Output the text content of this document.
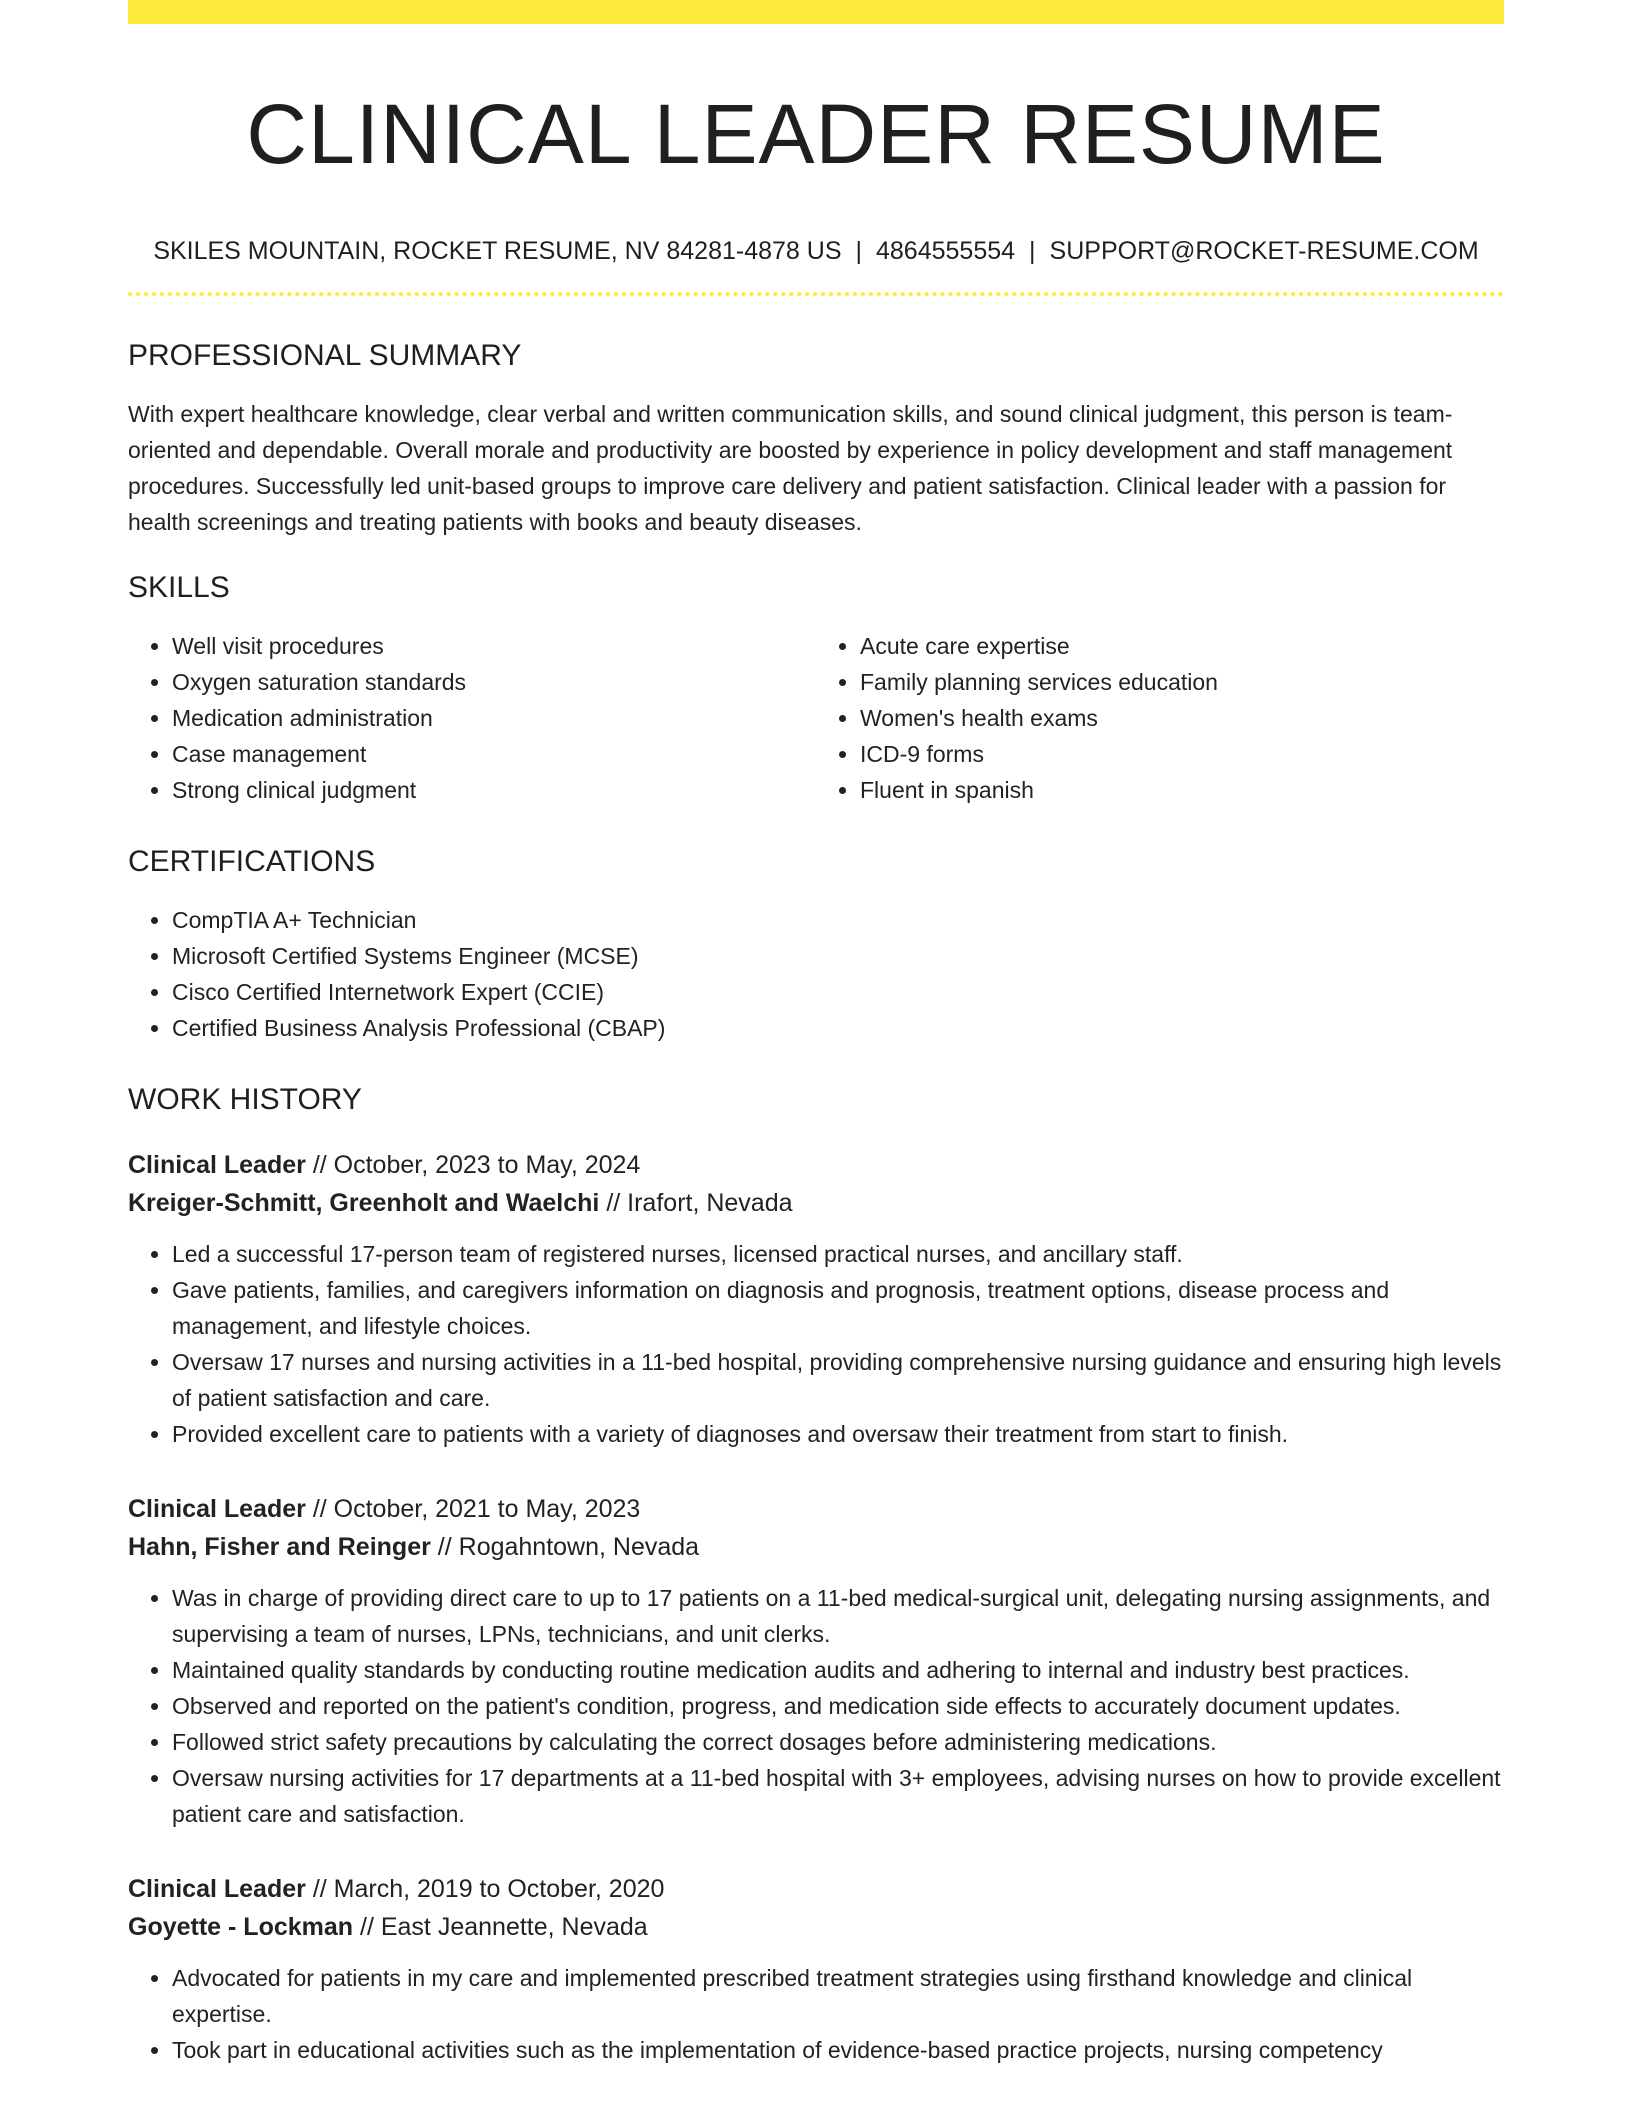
CLINICAL LEADER RESUME
SKILES MOUNTAIN, ROCKET RESUME, NV 84281-4878 US | 4864555554 | SUPPORT@ROCKET-RESUME.COM
PROFESSIONAL SUMMARY

With expert healthcare knowledge, clear verbal and written communication skills, and sound clinical judgment, this person is team-oriented and dependable. Overall morale and productivity are boosted by experience in policy development and staff management procedures. Successfully led unit-based groups to improve care delivery and patient satisfaction. Clinical leader with a passion for health screenings and treating patients with books and beauty diseases.

SKILLS
• Well visit procedures
• Oxygen saturation standards
• Medication administration
• Case management
• Strong clinical judgment
• Acute care expertise
• Family planning services education
• Women's health exams
• ICD-9 forms
• Fluent in spanish
CERTIFICATIONS
• CompTIA A+ Technician
• Microsoft Certified Systems Engineer (MCSE)
• Cisco Certified Internetwork Expert (CCIE)
• Certified Business Analysis Professional (CBAP)
WORK HISTORY
Clinical Leader // October, 2023 to May, 2024
Kreiger-Schmitt, Greenholt and Waelchi // Irafort, Nevada
• Led a successful 17-person team of registered nurses, licensed practical nurses, and ancillary staff.
• Gave patients, families, and caregivers information on diagnosis and prognosis, treatment options, disease process and management, and lifestyle choices.
• Oversaw 17 nurses and nursing activities in a 11-bed hospital, providing comprehensive nursing guidance and ensuring high levels of patient satisfaction and care.
• Provided excellent care to patients with a variety of diagnoses and oversaw their treatment from start to finish.
Clinical Leader // October, 2021 to May, 2023
Hahn, Fisher and Reinger // Rogahntown, Nevada
• Was in charge of providing direct care to up to 17 patients on a 11-bed medical-surgical unit, delegating nursing assignments, and supervising a team of nurses, LPNs, technicians, and unit clerks.
• Maintained quality standards by conducting routine medication audits and adhering to internal and industry best practices.
• Observed and reported on the patient's condition, progress, and medication side effects to accurately document updates.
• Followed strict safety precautions by calculating the correct dosages before administering medications.
• Oversaw nursing activities for 17 departments at a 11-bed hospital with 3+ employees, advising nurses on how to provide excellent patient care and satisfaction.
Clinical Leader // March, 2019 to October, 2020
Goyette - Lockman // East Jeannette, Nevada
• Advocated for patients in my care and implemented prescribed treatment strategies using firsthand knowledge and clinical expertise.
• Took part in educational activities such as the implementation of evidence-based practice projects, nursing competency
